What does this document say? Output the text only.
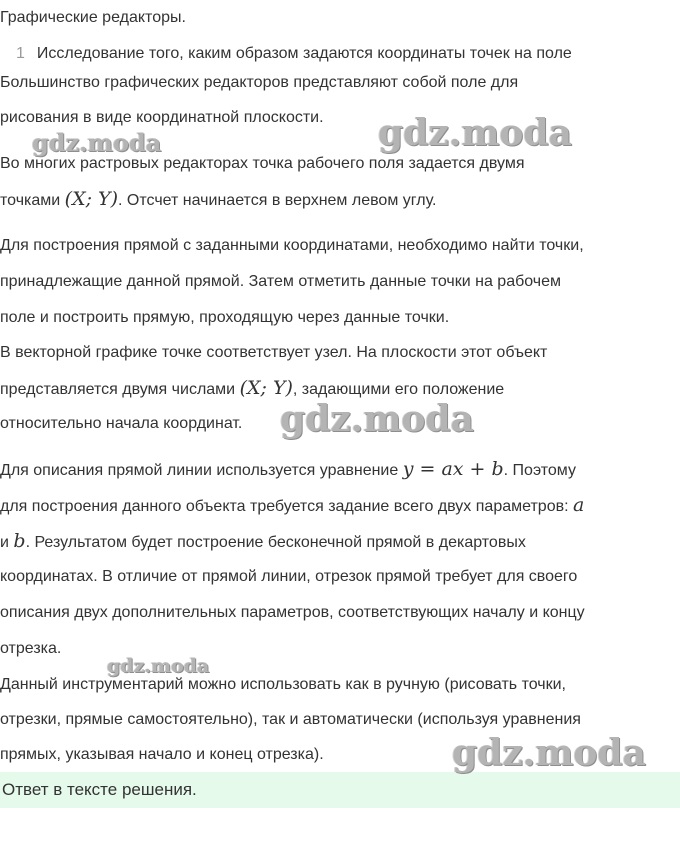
Графические редакторы.
1 Исследование того, каким образом задаются координаты точек на поле
Большинство графических редакторов представляют собой поле для
рисования в виде координатной плоскости.
Во многих растровых редакторах точка рабочего поля задается двумя
точками (X; Y). Отсчет начинается в верхнем левом углу.
Для построения прямой с заданными координатами, необходимо найти точки,
принадлежащие данной прямой. Затем отметить данные точки на рабочем
поле и построить прямую, проходящую через данные точки.
В векторной графике точке соответствует узел. На плоскости этот объект
представляется двумя числами (X; Y), задающими его положение
относительно начала координат.
Для описания прямой линии используется уравнение y = ax + b. Поэтому
для построения данного объекта требуется задание всего двух параметров: a
и b. Результатом будет построение бесконечной прямой в декартовых
координатах. В отличие от прямой линии, отрезок прямой требует для своего
описания двух дополнительных параметров, соответствующих началу и концу
отрезка.
Данный инструментарий можно использовать как в ручную (рисовать точки,
отрезки, прямые самостоятельно), так и автоматически (используя уравнения
прямых, указывая начало и конец отрезка).
Ответ в тексте решения.
gdz.moda	gdz.moda
gdz.moda
gdz.moda
gdz.moda
